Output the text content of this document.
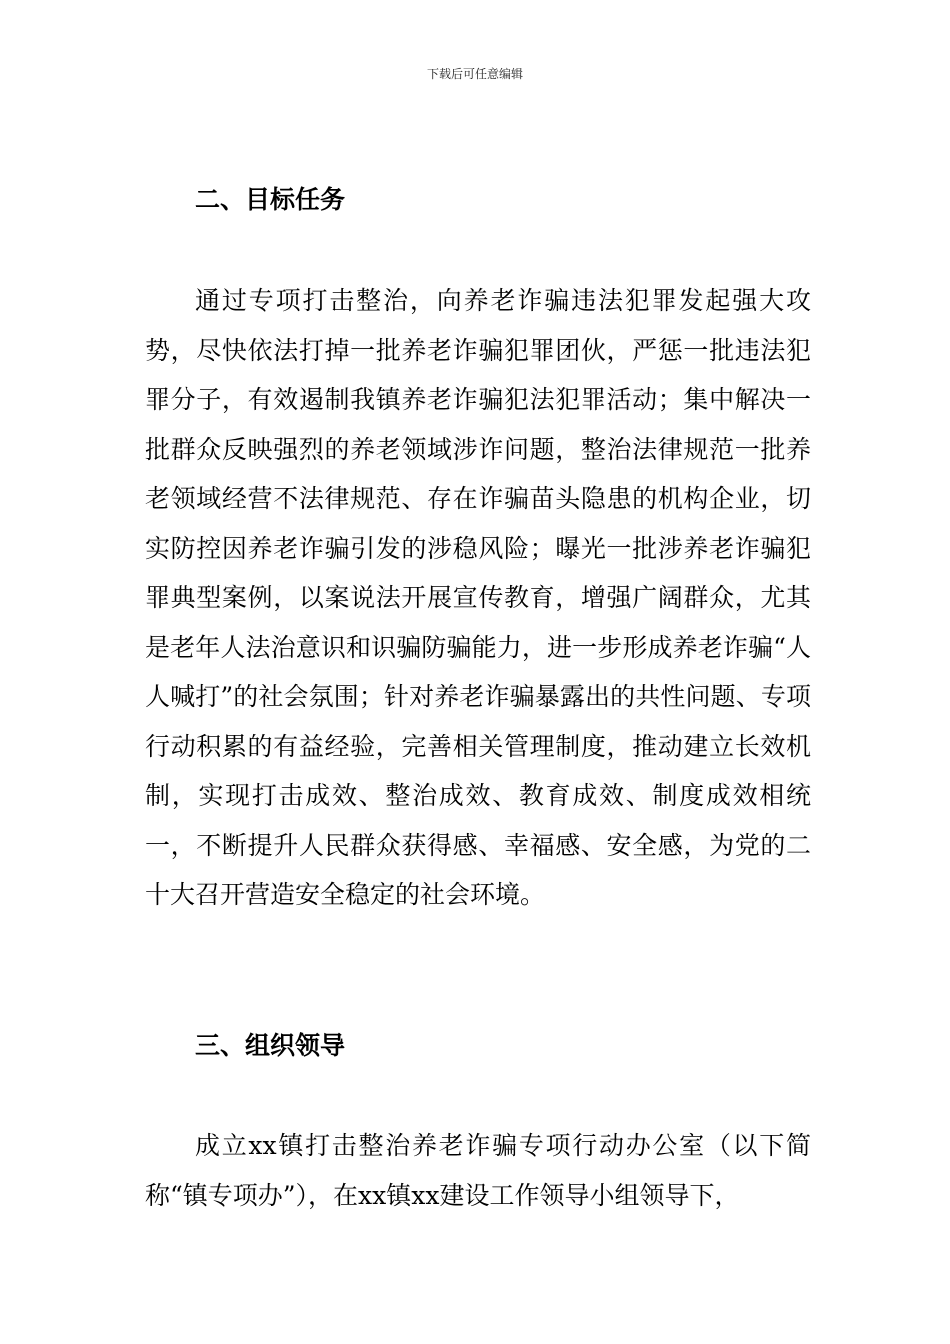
下载后可任意编辑
二、目标任务

通过专项打击整治，向养老诈骗违法犯罪发起强大攻势，尽快依法打掉一批养老诈骗犯罪团伙，严惩一批违法犯罪分子，有效遏制我镇养老诈骗犯法犯罪活动；集中解决一批群众反映强烈的养老领域涉诈问题，整治法律规范一批养老领域经营不法律规范、存在诈骗苗头隐患的机构企业，切实防控因养老诈骗引发的涉稳风险；曝光一批涉养老诈骗犯罪典型案例，以案说法开展宣传教育，增强广阔群众，尤其是老年人法治意识和识骗防骗能力，进一步形成养老诈骗“人人喊打”的社会氛围；针对养老诈骗暴露出的共性问题、专项行动积累的有益经验，完善相关管理制度，推动建立长效机制，实现打击成效、整治成效、教育成效、制度成效相统一，不断提升人民群众获得感、幸福感、安全感，为党的二十大召开营造安全稳定的社会环境。

三、组织领导

成立xx镇打击整治养老诈骗专项行动办公室（以下简称“镇专项办”），在xx镇xx建设工作领导小组领导下，
